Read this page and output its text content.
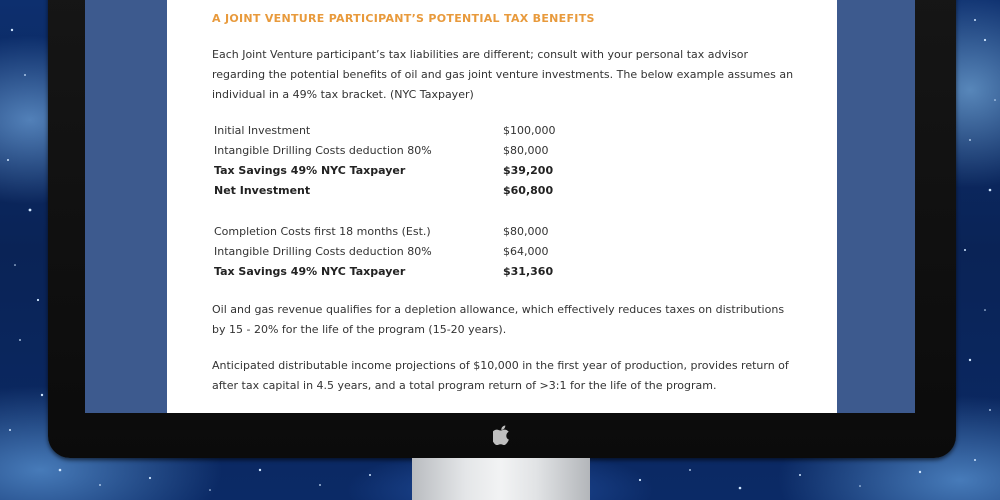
A JOINT VENTURE PARTICIPANT’S POTENTIAL TAX BENEFITS
Each Joint Venture participant’s tax liabilities are different; consult with your personal tax advisor regarding the potential benefits of oil and gas joint venture investments. The below example assumes an individual in a 49% tax bracket. (NYC Taxpayer)
Initial Investment	$100,000
Intangible Drilling Costs deduction 80%	$80,000
Tax Savings 49% NYC Taxpayer	$39,200
Net Investment	$60,800
Completion Costs first 18 months (Est.)	$80,000
Intangible Drilling Costs deduction 80%	$64,000
Tax Savings 49% NYC Taxpayer	$31,360
Oil and gas revenue qualifies for a depletion allowance, which effectively reduces taxes on distributions by 15 - 20% for the life of the program (15-20 years).
Anticipated distributable income projections of $10,000 in the first year of production, provides return of after tax capital in 4.5 years, and a total program return of >3:1 for the life of the program.
